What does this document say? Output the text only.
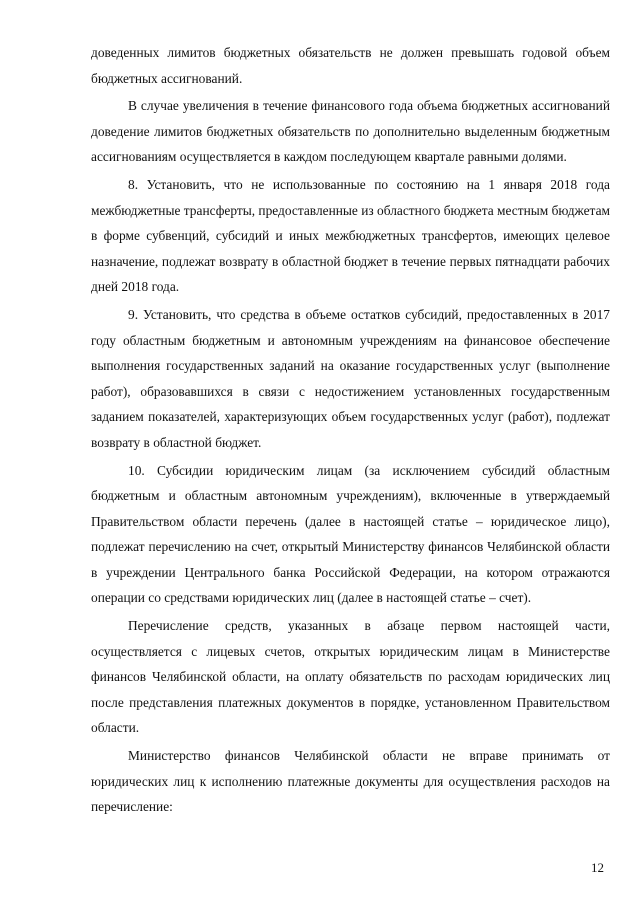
доведенных лимитов бюджетных обязательств не должен превышать годовой объем бюджетных ассигнований.

В случае увеличения в течение финансового года объема бюджетных ассигнований доведение лимитов бюджетных обязательств по дополнительно выделенным бюджетным ассигнованиям осуществляется в каждом последующем квартале равными долями.

8. Установить, что не использованные по состоянию на 1 января 2018 года межбюджетные трансферты, предоставленные из областного бюджета местным бюджетам в форме субвенций, субсидий и иных межбюджетных трансфертов, имеющих целевое назначение, подлежат возврату в областной бюджет в течение первых пятнадцати рабочих дней 2018 года.

9. Установить, что средства в объеме остатков субсидий, предоставленных в 2017 году областным бюджетным и автономным учреждениям на финансовое обеспечение выполнения государственных заданий на оказание государственных услуг (выполнение работ), образовавшихся в связи с недостижением установленных государственным заданием показателей, характеризующих объем государственных услуг (работ), подлежат возврату в областной бюджет.

10. Субсидии юридическим лицам (за исключением субсидий областным бюджетным и областным автономным учреждениям), включенные в утверждаемый Правительством области перечень (далее в настоящей статье – юридическое лицо), подлежат перечислению на счет, открытый Министерству финансов Челябинской области в учреждении Центрального банка Российской Федерации, на котором отражаются операции со средствами юридических лиц (далее в настоящей статье – счет).

Перечисление средств, указанных в абзаце первом настоящей части, осуществляется с лицевых счетов, открытых юридическим лицам в Министерстве финансов Челябинской области, на оплату обязательств по расходам юридических лиц после представления платежных документов в порядке, установленном Правительством области.

Министерство финансов Челябинской области не вправе принимать от юридических лиц к исполнению платежные документы для осуществления расходов на перечисление:

12
